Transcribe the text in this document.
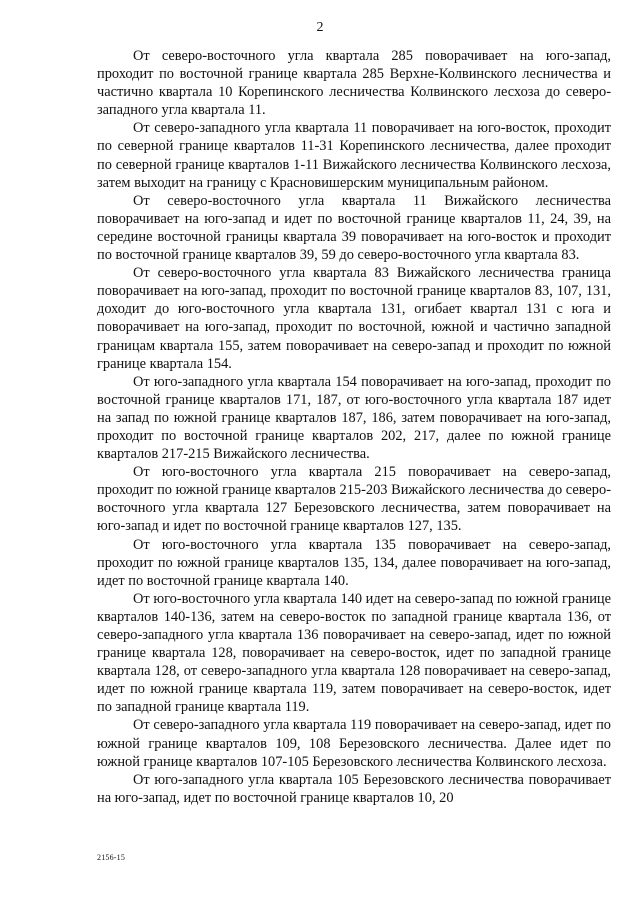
2

От северо-восточного угла квартала 285 поворачивает на юго-запад, проходит по восточной границе квартала 285 Верхне-Колвинского лесничества и частично квартала 10 Корепинского лесничества Колвинского лесхоза до северо-западного угла квартала 11.

От северо-западного угла квартала 11 поворачивает на юго-восток, проходит по северной границе кварталов 11-31 Корепинского лесничества, далее проходит по северной границе кварталов 1-11 Вижайского лесничества Колвинского лесхоза, затем выходит на границу с Красновишерским муниципальным районом.

От северо-восточного угла квартала 11 Вижайского лесничества поворачивает на юго-запад и идет по восточной границе кварталов 11, 24, 39, на середине восточной границы квартала 39 поворачивает на юго-восток и проходит по восточной границе кварталов 39, 59 до северо-восточного угла квартала 83.

От северо-восточного угла квартала 83 Вижайского лесничества граница поворачивает на юго-запад, проходит по восточной границе кварталов 83, 107, 131, доходит до юго-восточного угла квартала 131, огибает квартал 131 с юга и поворачивает на юго-запад, проходит по восточной, южной и частично западной границам квартала 155, затем поворачивает на северо-запад и проходит по южной границе квартала 154.

От юго-западного угла квартала 154 поворачивает на юго-запад, проходит по восточной границе кварталов 171, 187, от юго-восточного угла квартала 187 идет на запад по южной границе кварталов 187, 186, затем поворачивает на юго-запад, проходит по восточной границе кварталов 202, 217, далее по южной границе кварталов 217-215 Вижайского лесничества.

От юго-восточного угла квартала 215 поворачивает на северо-запад, проходит по южной границе кварталов 215-203 Вижайского лесничества до северо-восточного угла квартала 127 Березовского лесничества, затем поворачивает на юго-запад и идет по восточной границе кварталов 127, 135.

От юго-восточного угла квартала 135 поворачивает на северо-запад, проходит по южной границе кварталов 135, 134, далее поворачивает на юго-запад, идет по восточной границе квартала 140.

От юго-восточного угла квартала 140 идет на северо-запад по южной границе кварталов 140-136, затем на северо-восток по западной границе квартала 136, от северо-западного угла квартала 136 поворачивает на северо-запад, идет по южной границе квартала 128, поворачивает на северо-восток, идет по западной границе квартала 128, от северо-западного угла квартала 128 поворачивает на северо-запад, идет по южной границе квартала 119, затем поворачивает на северо-восток, идет по западной границе квартала 119.

От северо-западного угла квартала 119 поворачивает на северо-запад, идет по южной границе кварталов 109, 108 Березовского лесничества. Далее идет по южной границе кварталов 107-105 Березовского лесничества Колвинского лесхоза.

От юго-западного угла квартала 105 Березовского лесничества поворачивает на юго-запад, идет по восточной границе кварталов 10, 20

2156-15
